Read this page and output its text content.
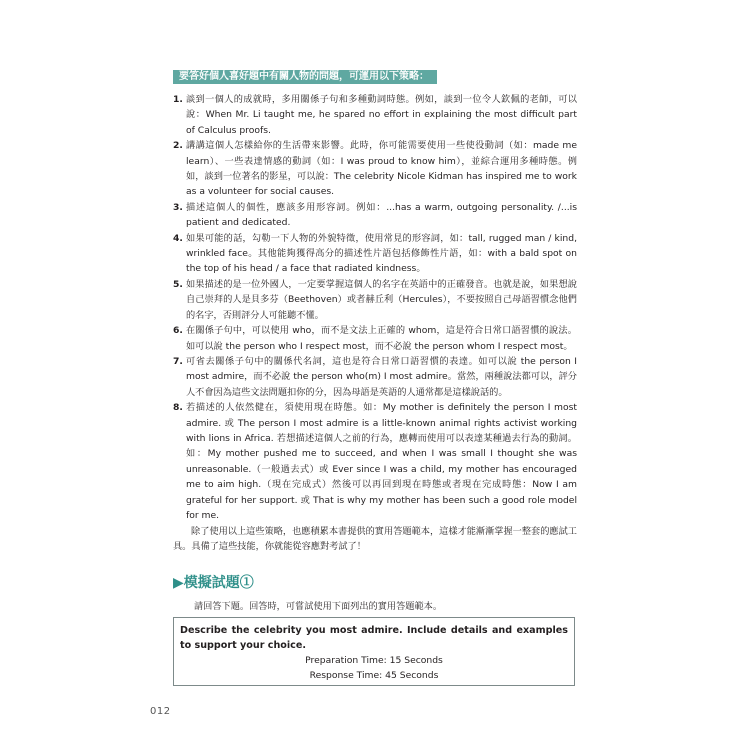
要答好個人喜好題中有關人物的問題，可運用以下策略：
1. 談到一個人的成就時，多用關係子句和多種動詞時態。例如，談到一位令人欽佩的老師，可以說：When Mr. Li taught me, he spared no effort in explaining the most difficult part of Calculus proofs.
2. 講講這個人怎樣給你的生活帶來影響。此時，你可能需要使用一些使役動詞（如：made me learn）、一些表達情感的動詞（如：I was proud to know him），並綜合運用多種時態。例如，談到一位著名的影星，可以說：The celebrity Nicole Kidman has inspired me to work as a volunteer for social causes.
3. 描述這個人的個性，應該多用形容詞。例如：...has a warm, outgoing personality. /...is patient and dedicated.
4. 如果可能的話，勾勒一下人物的外貌特徵，使用常見的形容詞，如：tall, rugged man / kind, wrinkled face。其他能夠獲得高分的描述性片語包括修飾性片語，如：with a bald spot on the top of his head / a face that radiated kindness。
5. 如果描述的是一位外國人，一定要掌握這個人的名字在英語中的正確發音。也就是說，如果想說自己崇拜的人是貝多芬（Beethoven）或者赫丘利（Hercules），不要按照自己母語習慣念他們的名字，否則評分人可能聽不懂。
6. 在關係子句中，可以使用 who，而不是文法上正確的 whom，這是符合日常口語習慣的說法。如可以說 the person who I respect most，而不必說 the person whom I respect most。
7. 可省去關係子句中的關係代名詞，這也是符合日常口語習慣的表達。如可以說 the person I most admire，而不必說 the person who(m) I most admire。當然，兩種說法都可以，評分人不會因為這些文法問題扣你的分，因為母語是英語的人通常都是這樣說話的。
8. 若描述的人依然健在，須使用現在時態。如：My mother is definitely the person I most admire. 或 The person I most admire is a little-known animal rights activist working with lions in Africa. 若想描述這個人之前的行為，應轉而使用可以表達某種過去行為的動詞。如：My mother pushed me to succeed, and when I was small I thought she was unreasonable.（一般過去式）或 Ever since I was a child, my mother has encouraged me to aim high.（現在完成式）然後可以再回到現在時態或者現在完成時態：Now I am grateful for her support. 或 That is why my mother has been such a good role model for me.

除了使用以上這些策略，也應積累本書提供的實用答題範本，這樣才能漸漸掌握一整套的應試工具。具備了這些技能，你就能從容應對考試了！

▶模擬試題①

請回答下題。回答時，可嘗試使用下面列出的實用答題範本。

Describe the celebrity you most admire. Include details and examples to support your choice.

Preparation Time: 15 Seconds

Response Time: 45 Seconds

012
